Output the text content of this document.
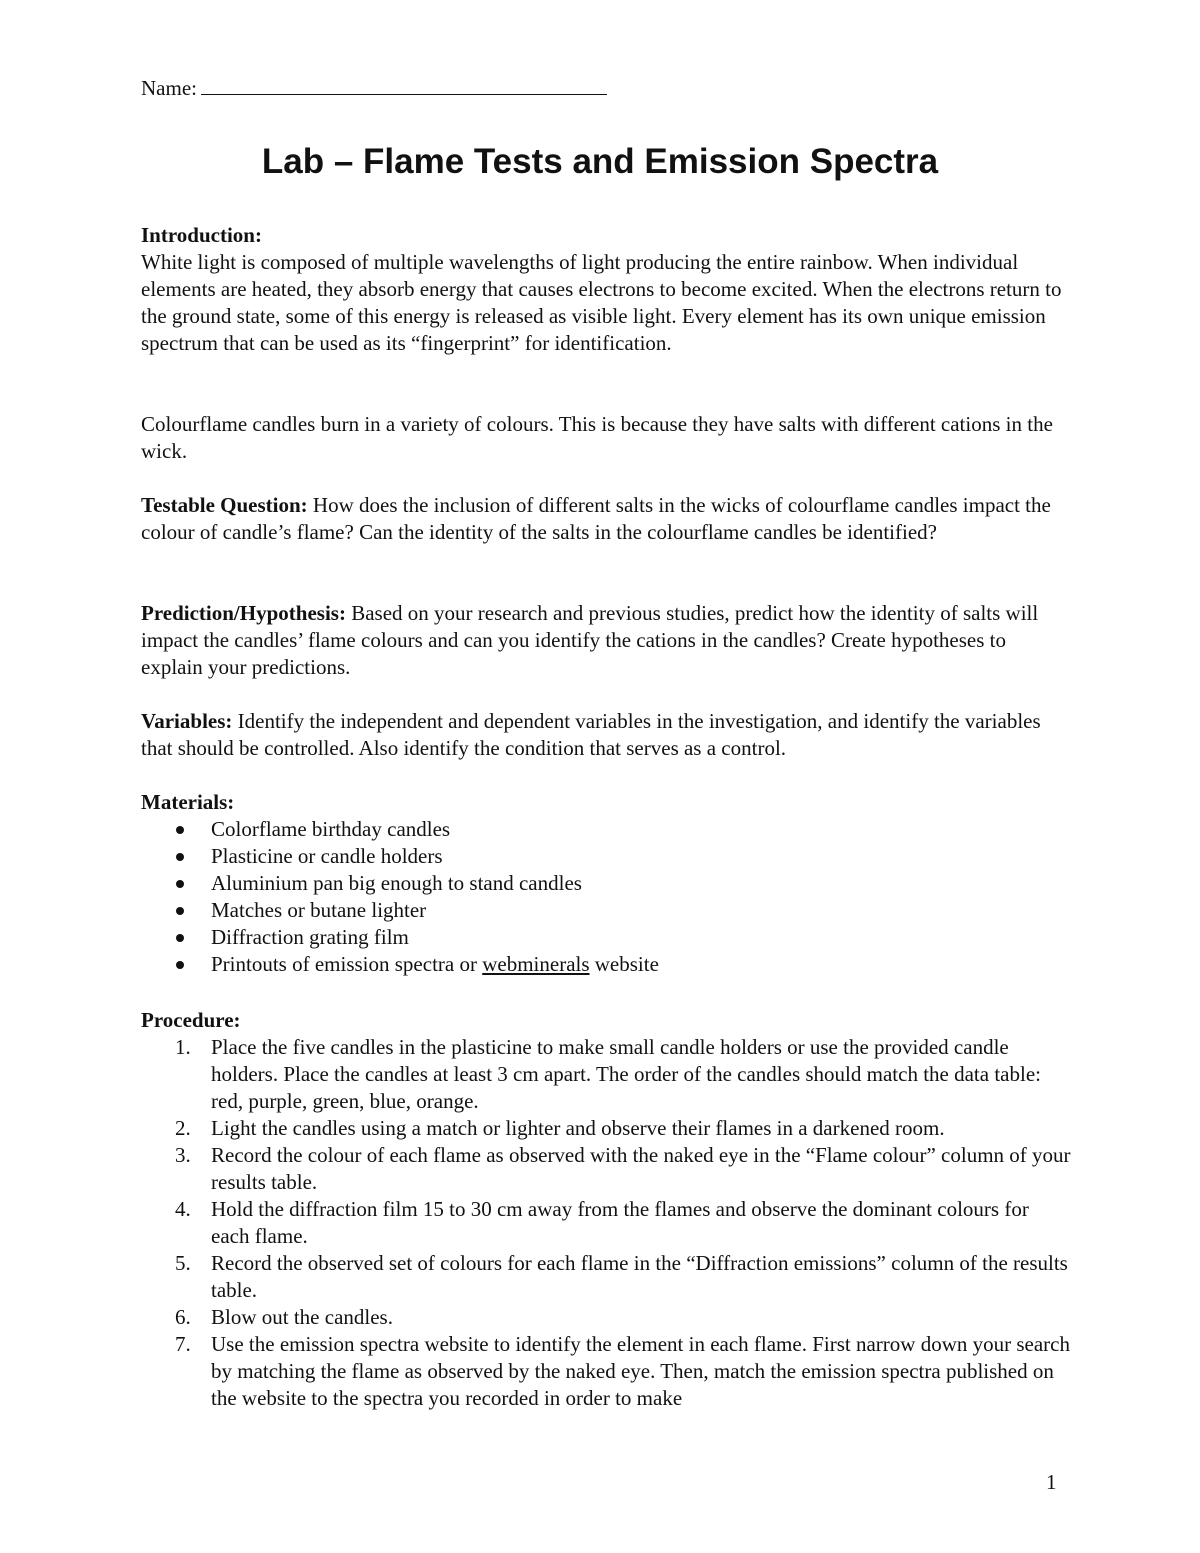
Name:
Lab – Flame Tests and Emission Spectra

Introduction:

White light is composed of multiple wavelengths of light producing the entire rainbow. When individual elements are heated, they absorb energy that causes electrons to become excited. When the electrons return to the ground state, some of this energy is released as visible light. Every element has its own unique emission spectrum that can be used as its “fingerprint” for identification.

Colourflame candles burn in a variety of colours. This is because they have salts with different cations in the wick.

Testable Question: How does the inclusion of different salts in the wicks of colourflame candles impact the colour of candle’s flame? Can the identity of the salts in the colourflame candles be identified?

Prediction/Hypothesis: Based on your research and previous studies, predict how the identity of salts will impact the candles’ flame colours and can you identify the cations in the candles? Create hypotheses to explain your predictions.

Variables: Identify the independent and dependent variables in the investigation, and identify the variables that should be controlled. Also identify the condition that serves as a control.

Materials:

Colorflame birthday candles
Plasticine or candle holders
Aluminium pan big enough to stand candles
Matches or butane lighter
Diffraction grating film
Printouts of emission spectra or webminerals website

Procedure:

1. Place the five candles in the plasticine to make small candle holders or use the provided candle holders. Place the candles at least 3 cm apart. The order of the candles should match the data table: red, purple, green, blue, orange.
2. Light the candles using a match or lighter and observe their flames in a darkened room.
3. Record the colour of each flame as observed with the naked eye in the “Flame colour” column of your results table.
4. Hold the diffraction film 15 to 30 cm away from the flames and observe the dominant colours for each flame.
5. Record the observed set of colours for each flame in the “Diffraction emissions” column of the results table.
6. Blow out the candles.
7. Use the emission spectra website to identify the element in each flame. First narrow down your search by matching the flame as observed by the naked eye. Then, match the emission spectra published on the website to the spectra you recorded in order to make
1
